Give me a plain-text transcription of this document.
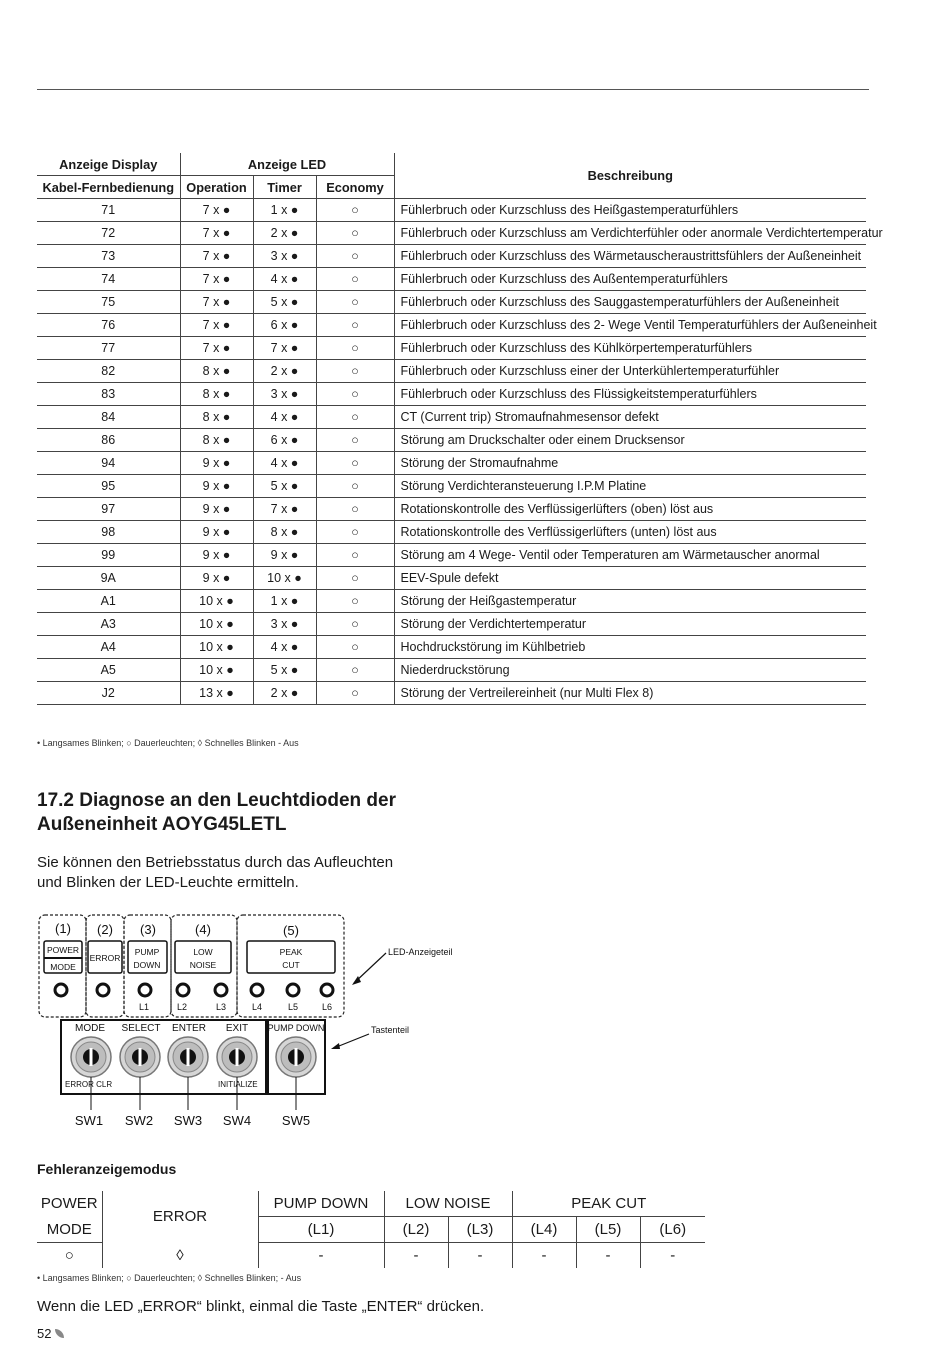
Anzeige Display	Anzeige LED			Beschreibung
Kabel-Fernbedienung	Operation	Timer	Economy	
71	7 x ●	1 x ●	○	Fühlerbruch oder Kurzschluss des Heißgastemperaturfühlers
72	7 x ●	2 x ●	○	Fühlerbruch oder Kurzschluss am Verdichterfühler oder anormale Verdichtertemperatur
73	7 x ●	3 x ●	○	Fühlerbruch oder Kurzschluss des Wärmetauscheraustrittsfühlers der Außeneinheit
74	7 x ●	4 x ●	○	Fühlerbruch oder Kurzschluss des Außentemperaturfühlers
75	7 x ●	5 x ●	○	Fühlerbruch oder Kurzschluss des Sauggastemperaturfühlers der Außeneinheit
76	7 x ●	6 x ●	○	Fühlerbruch oder Kurzschluss des 2- Wege Ventil Temperaturfühlers der Außeneinheit
77	7 x ●	7 x ●	○	Fühlerbruch oder Kurzschluss des Kühlkörpertemperaturfühlers
82	8 x ●	2 x ●	○	Fühlerbruch oder Kurzschluss einer der Unterkühlertemperaturfühler
83	8 x ●	3 x ●	○	Fühlerbruch oder Kurzschluss des Flüssigkeitstemperaturfühlers
84	8 x ●	4 x ●	○	CT (Current trip) Stromaufnahmesensor defekt
86	8 x ●	6 x ●	○	Störung am Druckschalter oder einem Drucksensor
94	9 x ●	4 x ●	○	Störung der Stromaufnahme
95	9 x ●	5 x ●	○	Störung Verdichteransteuerung I.P.M Platine
97	9 x ●	7 x ●	○	Rotationskontrolle des Verflüssigerlüfters (oben) löst aus
98	9 x ●	8 x ●	○	Rotationskontrolle des Verflüssigerlüfters (unten) löst aus
99	9 x ●	9 x ●	○	Störung am 4 Wege- Ventil oder Temperaturen am Wärmetauscher anormal
9A	9 x ●	10 x ●	○	EEV-Spule defekt
A1	10 x ●	1 x ●	○	Störung der Heißgastemperatur
A3	10 x ●	3 x ●	○	Störung der Verdichtertemperatur
A4	10 x ●	4 x ●	○	Hochdruckstörung im Kühlbetrieb
A5	10 x ●	5 x ●	○	Niederdruckstörung
J2	13 x ●	2 x ●	○	Störung der Vertreilereinheit (nur Multi Flex 8)
• Langsames Blinken; ○ Dauerleuchten; ◊ Schnelles Blinken - Aus
17.2 Diagnose an den Leuchtdioden der
Außeneinheit AOYG45LETL

Sie können den Betriebsstatus durch das Aufleuchten
und Blinken der LED-Leuchte ermitteln.

(1) (2) (3)	(4)	(5)
POWER
MODE
ERROR
PUMP
DOWN
LOW
NOISE
PEAK
CUT
L1	L2	L3	L4	L5	L6
LED-Anzeigeteil
MODE SELECT ENTER EXIT PUMP DOWN
ERROR CLR	INITIALIZE
Tastenteil
SW1 SW2 SW3 SW4 SW5
Fehleranzeigemodus
POWER	ERROR	PUMP DOWN	LOW NOISE		PEAK CUT		
MODE		(L1)	(L2)	(L3)	(L4)	(L5)	(L6)
○	◊	-	-	-	-	-	-
• Langsames Blinken; ○ Dauerleuchten; ◊ Schnelles Blinken; - Aus
Wenn die LED „ERROR“ blinkt, einmal die Taste „ENTER“ drücken.
52
